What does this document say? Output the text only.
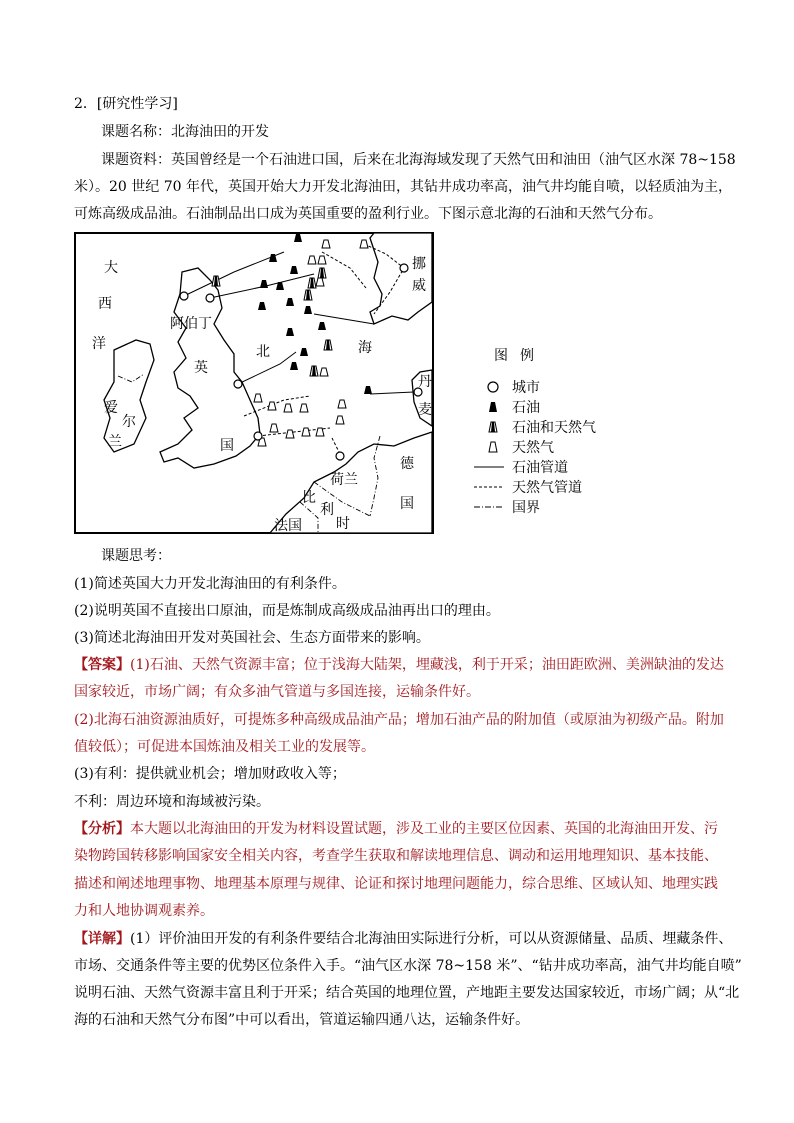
2．[研究性学习]
课题名称：北海油田的开发
课题资料：英国曾经是一个石油进口国，后来在北海海域发现了天然气田和油田（油气区水深 78~158
米）。20 世纪 70 年代，英国开始大力开发北海油田，其钻井成功率高，油气井均能自喷，以轻质油为主，
可炼高级成品油。石油制品出口成为英国重要的盈利行业。下图示意北海的石油和天然气分布。
大
西
洋
爱
尔
兰
阿伯丁
英
国
北	海
挪
威
丹
麦
德
国
荷兰
比
利
时
法国
图例
城市
石油
石油和天然气
天然气
石油管道
天然气管道
国界
课题思考：
(1)简述英国大力开发北海油田的有利条件。
(2)说明英国不直接出口原油，而是炼制成高级成品油再出口的理由。
(3)简述北海油田开发对英国社会、生态方面带来的影响。
【答案】(1)石油、天然气资源丰富；位于浅海大陆架，埋藏浅，利于开采；油田距欧洲、美洲缺油的发达
国家较近，市场广阔；有众多油气管道与多国连接，运输条件好。
(2)北海石油资源油质好，可提炼多种高级成品油产品；增加石油产品的附加值（或原油为初级产品。附加
值较低）；可促进本国炼油及相关工业的发展等。
(3)有利：提供就业机会；增加财政收入等；
不利：周边环境和海域被污染。
【分析】本大题以北海油田的开发为材料设置试题，涉及工业的主要区位因素、英国的北海油田开发、污
染物跨国转移影响国家安全相关内容，考查学生获取和解读地理信息、调动和运用地理知识、基本技能、
描述和阐述地理事物、地理基本原理与规律、论证和探讨地理问题能力，综合思维、区域认知、地理实践
力和人地协调观素养。
【详解】(1）评价油田开发的有利条件要结合北海油田实际进行分析，可以从资源储量、品质、埋藏条件、
市场、交通条件等主要的优势区位条件入手。“油气区水深 78~158 米”、“钻井成功率高，油气井均能自喷”
说明石油、天然气资源丰富且利于开采；结合英国的地理位置，产地距主要发达国家较近，市场广阔；从“北
海的石油和天然气分布图”中可以看出，管道运输四通八达，运输条件好。
